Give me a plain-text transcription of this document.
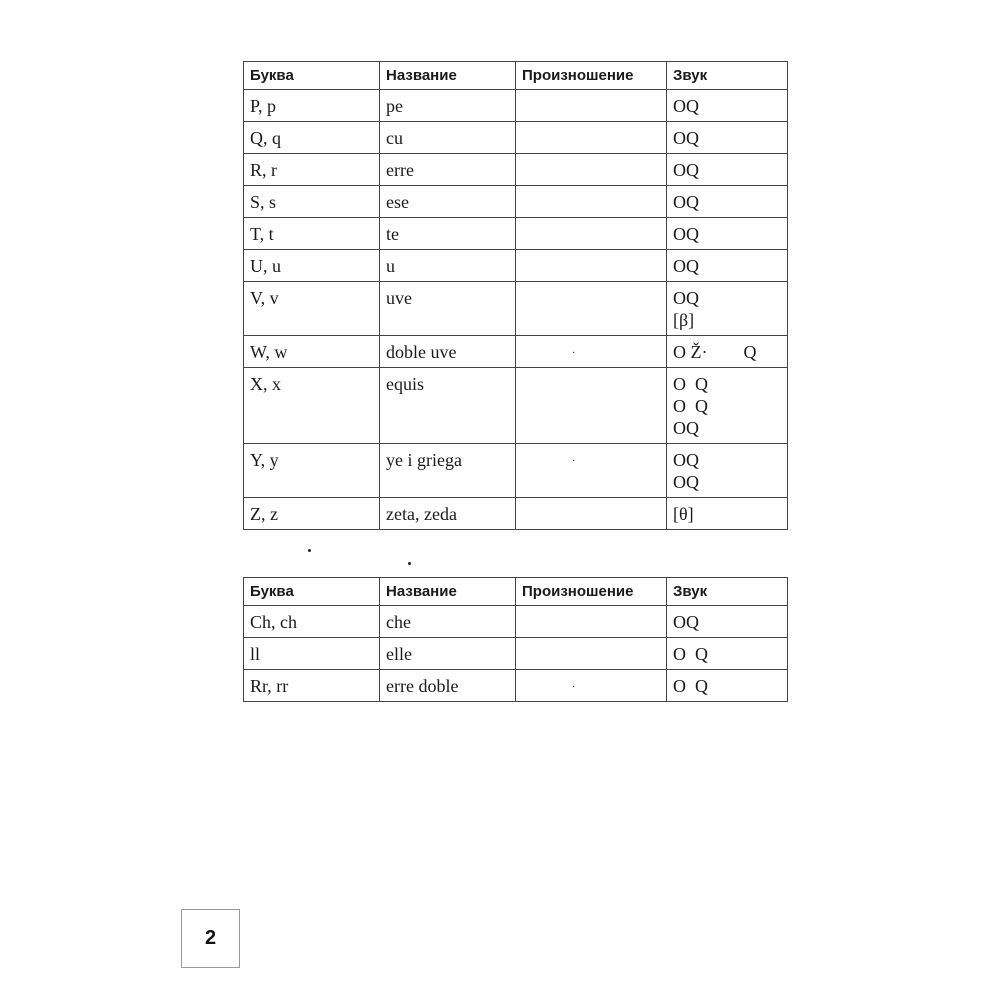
Буква	Название	Произношение	Звук
P, p	pe		OQ

Q, q	cu		OQ

R, r	erre		OQ

S, s	ese		OQ

T, t	te		OQ

U, u	u		OQ

V, v	uve		OQ
[β]

W, w	doble uve	·	O Ž·        Q

X, x	equis		O  Q
O  Q
OQ

Y, y	ye i griega	·	OQ
OQ

Z, z	zeta, zeda		[θ]
Буква	Название	Произношение	Звук
Ch, ch	che		OQ

ll	elle		O  Q

Rr, rr	erre doble	·	O  Q
2
